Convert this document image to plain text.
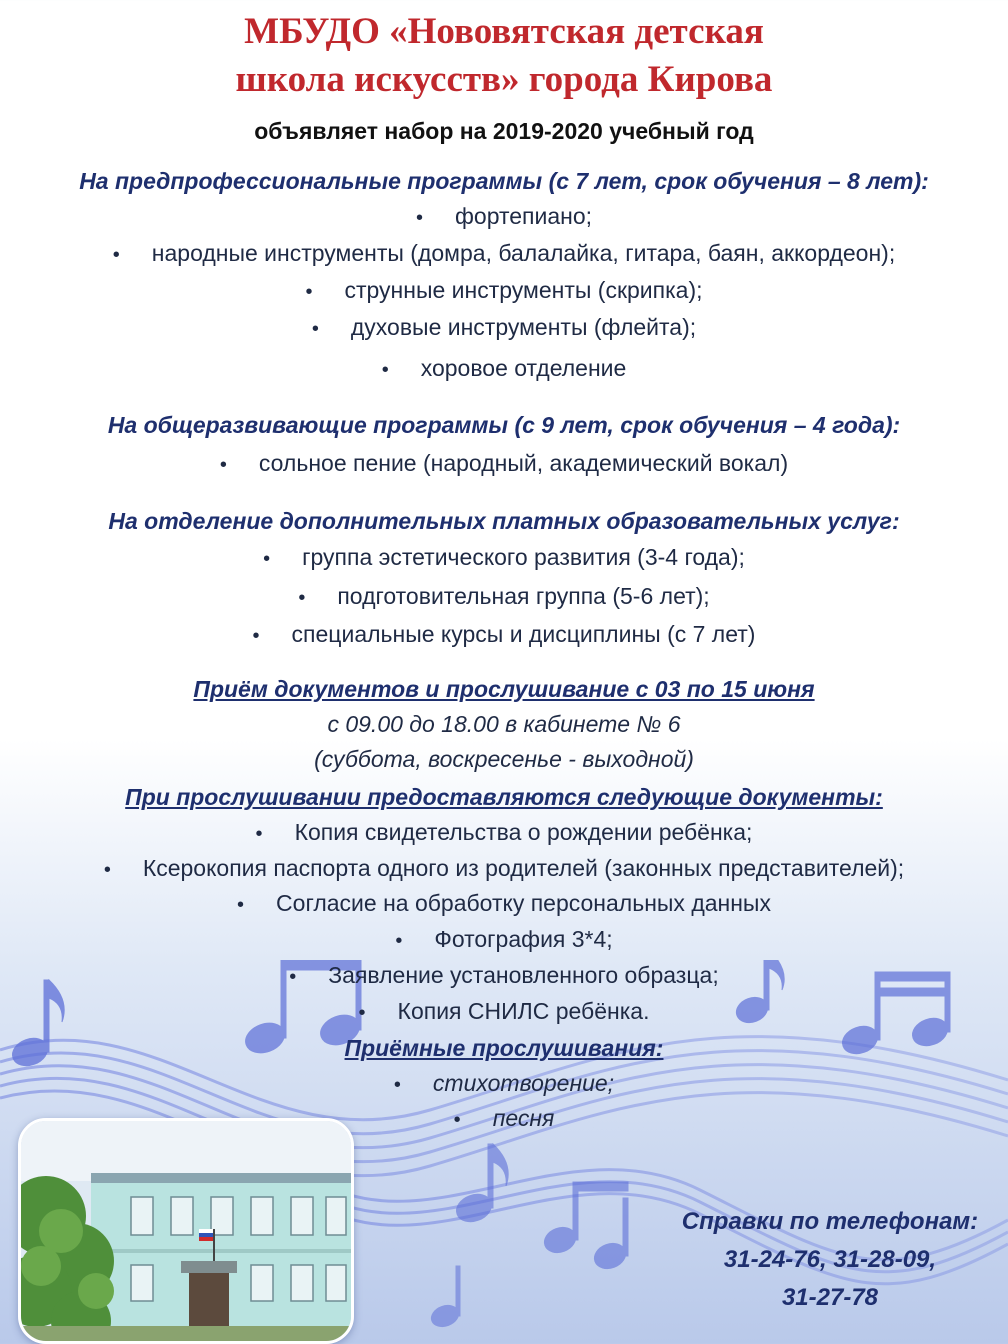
МБУДО «Нововятская детская
школа искусств» города Кирова
объявляет набор на 2019-2020 учебный год
На предпрофессиональные программы (с 7 лет, срок обучения – 8 лет):
• фортепиано;
• народные инструменты (домра, балалайка, гитара, баян, аккордеон);
• струнные инструменты (скрипка);
• духовые инструменты (флейта);
• хоровое отделение
На общеразвивающие программы (с 9 лет, срок обучения – 4 года):
• сольное пение (народный, академический вокал)
На отделение дополнительных платных образовательных услуг:
• группа эстетического развития (3-4 года);
• подготовительная группа (5-6 лет);
• специальные курсы и дисциплины (с 7 лет)
Приём документов и прослушивание с 03 по 15 июня
с 09.00 до 18.00 в кабинете № 6
(суббота, воскресенье - выходной)
При прослушивании предоставляются следующие документы:
• Копия свидетельства о рождении ребёнка;
• Ксерокопия паспорта одного из родителей (законных представителей);
• Согласие на обработку персональных данных
• Фотография 3*4;
• Заявление установленного образца;
• Копия СНИЛС ребёнка.
Приёмные прослушивания:
• стихотворение;
• песня
Справки по телефонам:
31-24-76, 31-28-09,
31-27-78
